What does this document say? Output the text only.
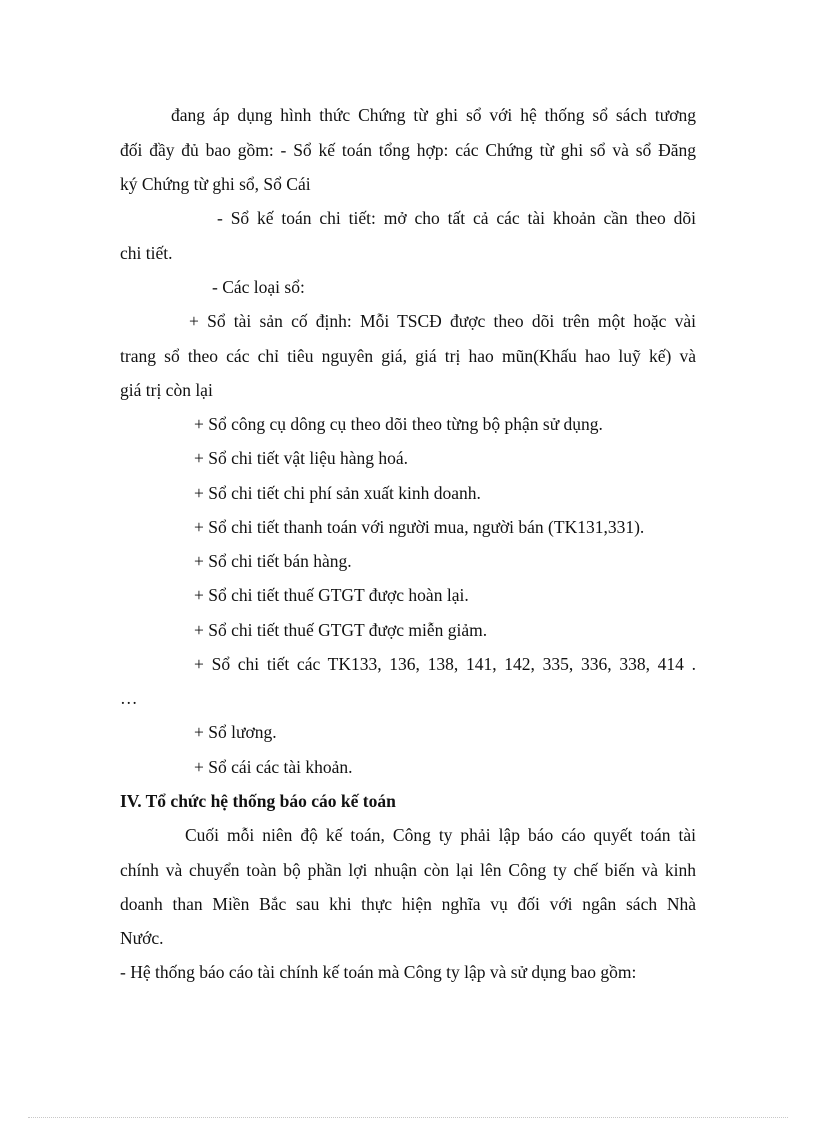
đang áp dụng hình thức Chứng từ ghi sổ với hệ thống sổ sách tương
đối đầy đủ bao gồm: - Sổ kế toán tổng hợp: các Chứng từ ghi sổ và sổ Đăng
ký Chứng từ ghi sổ, Sổ Cái
- Sổ kế toán chi tiết: mở cho tất cả các tài khoản cần theo dõi
chi tiết.
- Các loại sổ:
+ Sổ tài sản cố định: Mỗi TSCĐ được theo dõi trên một hoặc vài
trang sổ theo các chỉ tiêu nguyên giá, giá trị hao mũn(Khấu hao luỹ kế) và
giá trị còn lại
+ Sổ công cụ dông cụ theo dõi theo từng bộ phận sử dụng.
+ Sổ chi tiết vật liệu hàng hoá.
+ Sổ chi tiết chi phí sản xuất kinh doanh.
+ Sổ chi tiết thanh toán với người mua, người bán (TK131,331).
+ Sổ chi tiết bán hàng.
+ Sổ chi tiết thuế GTGT được hoàn lại.
+ Sổ chi tiết thuế GTGT được miễn giảm.
+ Sổ chi tiết các TK133, 136, 138, 141, 142, 335, 336, 338, 414 .
…
+ Sổ lương.
+ Sổ cái các tài khoản.
IV. Tổ chức hệ thống báo cáo kế toán
Cuối mỗi niên độ kế toán, Công ty phải lập báo cáo quyết toán tài
chính và chuyển toàn bộ phần lợi nhuận còn lại lên Công ty chế biến và kinh
doanh than Miền Bắc sau khi thực hiện nghĩa vụ đối với ngân sách Nhà
Nước.
- Hệ thống báo cáo tài chính kế toán mà Công ty lập và sử dụng bao gồm:
